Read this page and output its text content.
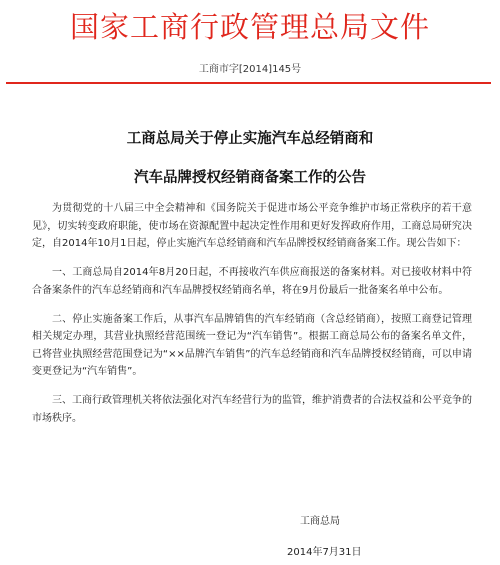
国家工商行政管理总局文件
工商市字[2014]145号
工商总局关于停止实施汽车总经销商和
汽车品牌授权经销商备案工作的公告

为贯彻党的十八届三中全会精神和《国务院关于促进市场公平竞争维护市场正常秩序的若干意见》，切实转变政府职能，使市场在资源配置中起决定性作用和更好发挥政府作用，工商总局研究决定，自2014年10月1日起，停止实施汽车总经销商和汽车品牌授权经销商备案工作。现公告如下：

一、工商总局自2014年8月20日起，不再接收汽车供应商报送的备案材料。对已接收材料中符合备案条件的汽车总经销商和汽车品牌授权经销商名单，将在9月份最后一批备案名单中公布。

二、停止实施备案工作后，从事汽车品牌销售的汽车经销商（含总经销商），按照工商登记管理相关规定办理，其营业执照经营范围统一登记为“汽车销售”。根据工商总局公布的备案名单文件，已将营业执照经营范围登记为“××品牌汽车销售”的汽车总经销商和汽车品牌授权经销商，可以申请变更登记为“汽车销售”。

三、工商行政管理机关将依法强化对汽车经营行为的监管，维护消费者的合法权益和公平竞争的市场秩序。

工商总局
2014年7月31日
